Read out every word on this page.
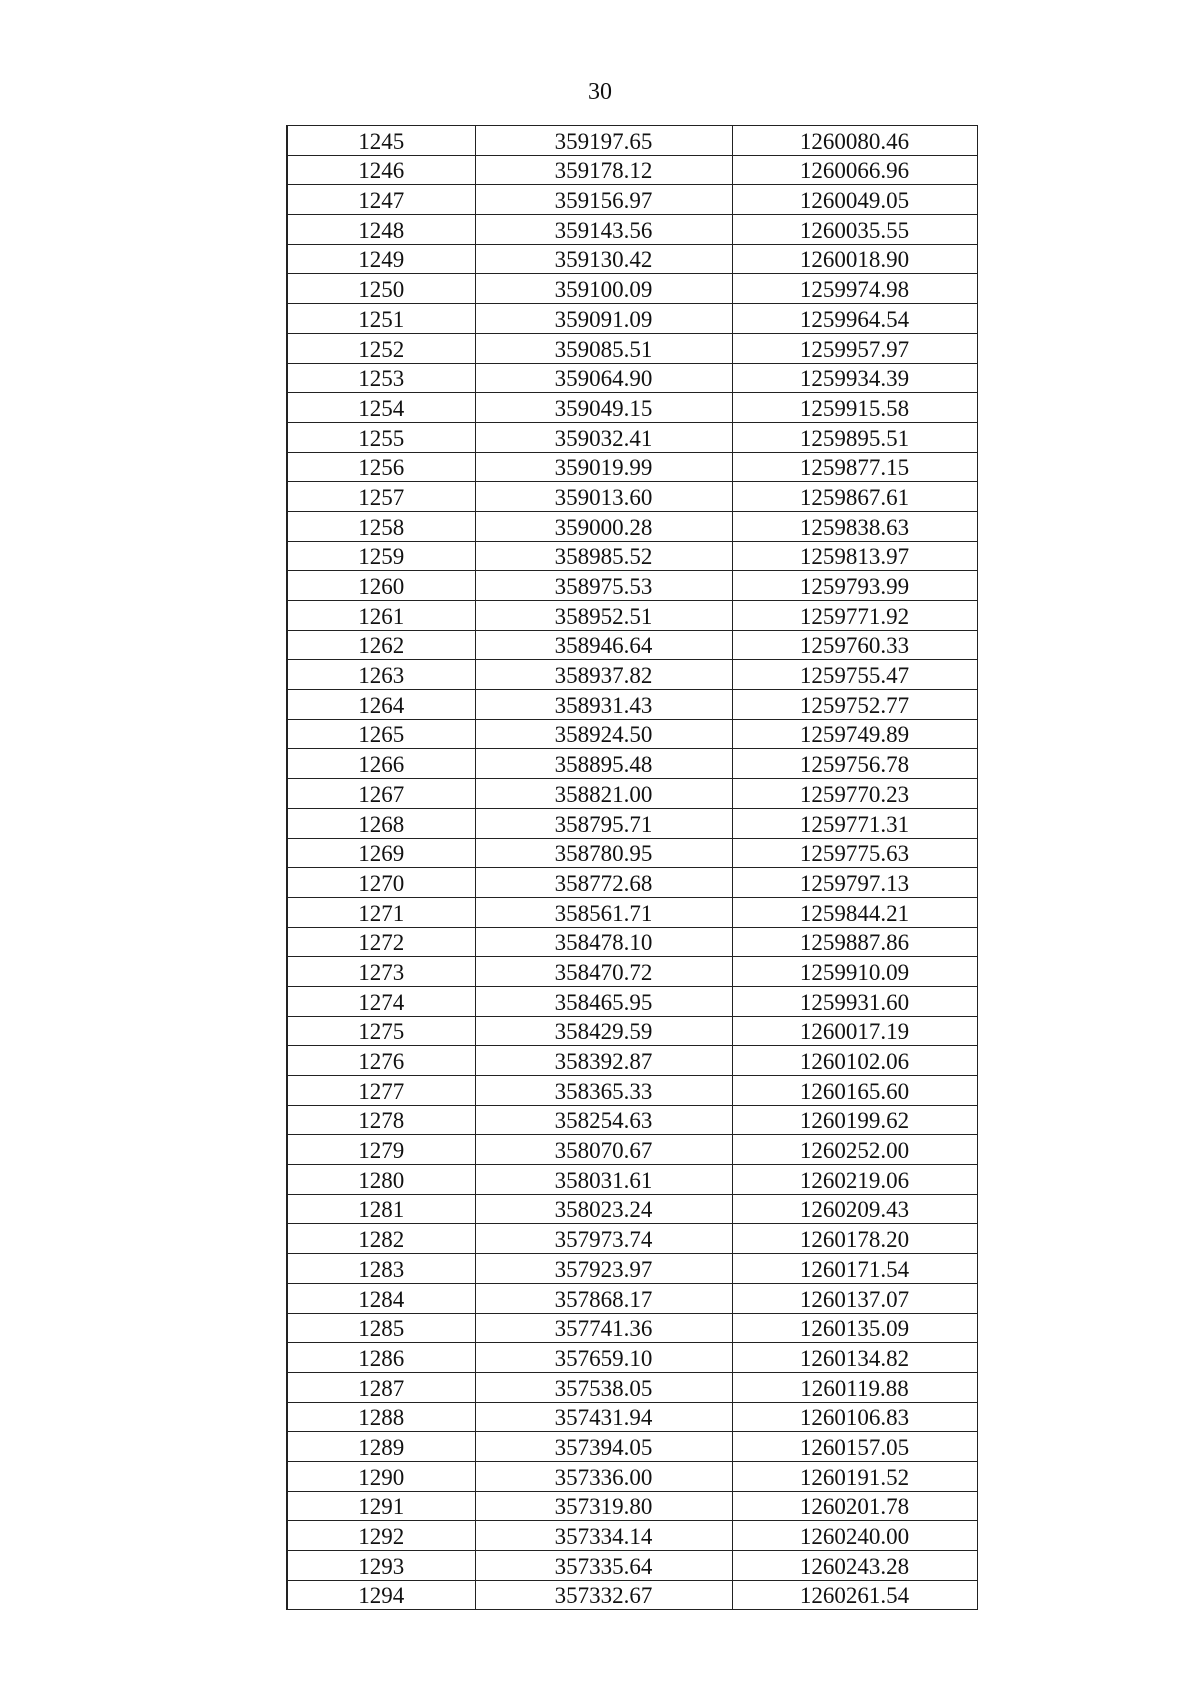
30
1245	359197.65	1260080.46
1246	359178.12	1260066.96
1247	359156.97	1260049.05
1248	359143.56	1260035.55
1249	359130.42	1260018.90
1250	359100.09	1259974.98
1251	359091.09	1259964.54
1252	359085.51	1259957.97
1253	359064.90	1259934.39
1254	359049.15	1259915.58
1255	359032.41	1259895.51
1256	359019.99	1259877.15
1257	359013.60	1259867.61
1258	359000.28	1259838.63
1259	358985.52	1259813.97
1260	358975.53	1259793.99
1261	358952.51	1259771.92
1262	358946.64	1259760.33
1263	358937.82	1259755.47
1264	358931.43	1259752.77
1265	358924.50	1259749.89
1266	358895.48	1259756.78
1267	358821.00	1259770.23
1268	358795.71	1259771.31
1269	358780.95	1259775.63
1270	358772.68	1259797.13
1271	358561.71	1259844.21
1272	358478.10	1259887.86
1273	358470.72	1259910.09
1274	358465.95	1259931.60
1275	358429.59	1260017.19
1276	358392.87	1260102.06
1277	358365.33	1260165.60
1278	358254.63	1260199.62
1279	358070.67	1260252.00
1280	358031.61	1260219.06
1281	358023.24	1260209.43
1282	357973.74	1260178.20
1283	357923.97	1260171.54
1284	357868.17	1260137.07
1285	357741.36	1260135.09
1286	357659.10	1260134.82
1287	357538.05	1260119.88
1288	357431.94	1260106.83
1289	357394.05	1260157.05
1290	357336.00	1260191.52
1291	357319.80	1260201.78
1292	357334.14	1260240.00
1293	357335.64	1260243.28
1294	357332.67	1260261.54
